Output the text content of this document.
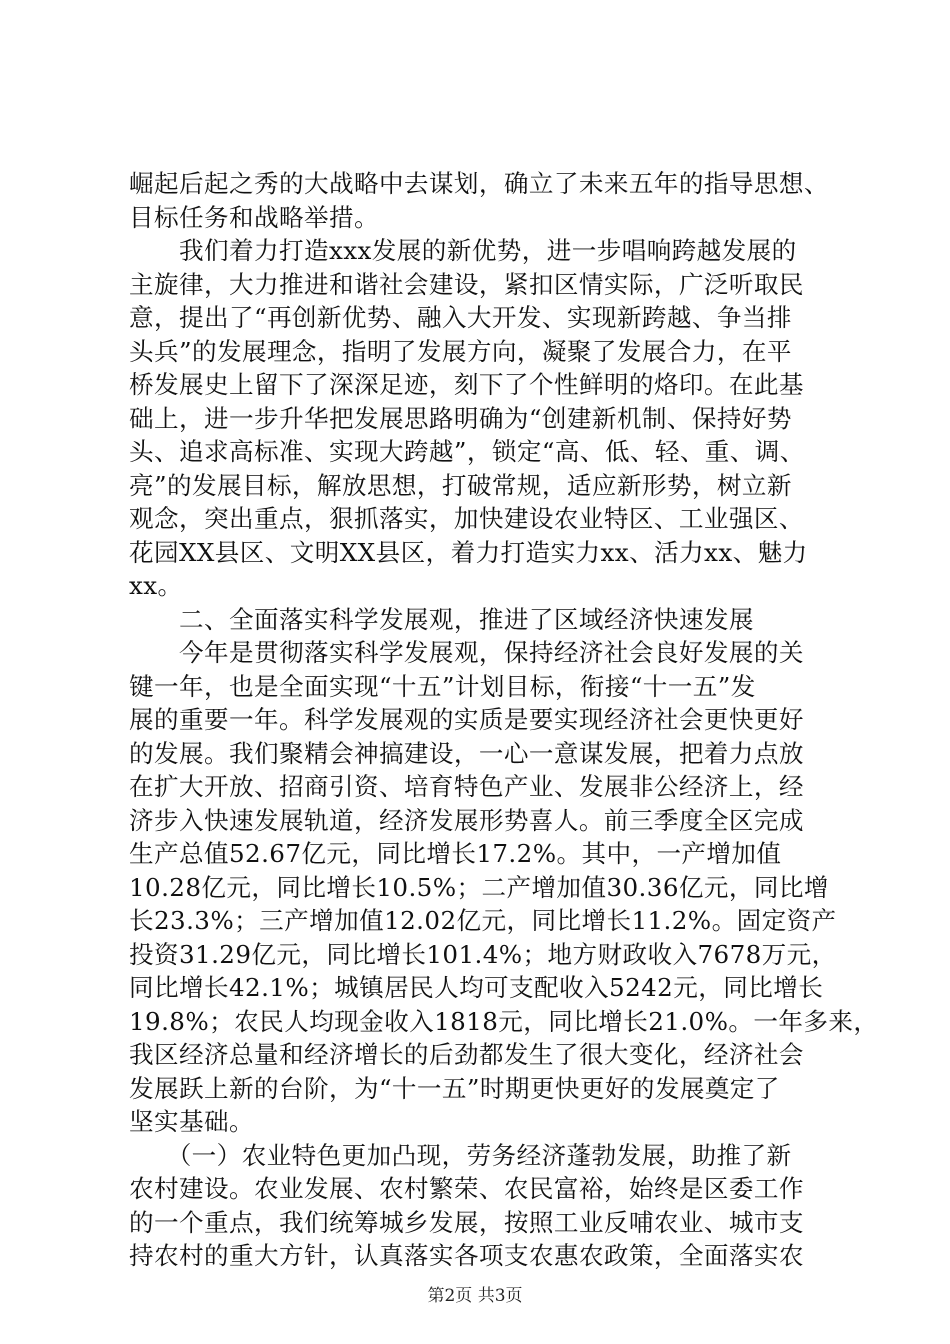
崛起后起之秀的大战略中去谋划，确立了未来五年的指导思想、
目标任务和战略举措。
　　我们着力打造xxx发展的新优势，进一步唱响跨越发展的
主旋律，大力推进和谐社会建设，紧扣区情实际，广泛听取民
意，提出了“再创新优势、融入大开发、实现新跨越、争当排
头兵”的发展理念，指明了发展方向，凝聚了发展合力，在平
桥发展史上留下了深深足迹，刻下了个性鲜明的烙印。在此基
础上，进一步升华把发展思路明确为“创建新机制、保持好势
头、追求高标准、实现大跨越”，锁定“高、低、轻、重、调、
亮”的发展目标，解放思想，打破常规，适应新形势，树立新
观念，突出重点，狠抓落实，加快建设农业特区、工业强区、
花园XX县区、文明XX县区，着力打造实力xx、活力xx、魅力
xx。
　　二、全面落实科学发展观，推进了区域经济快速发展
　　今年是贯彻落实科学发展观，保持经济社会良好发展的关
键一年，也是全面实现“十五”计划目标，衔接“十一五”发
展的重要一年。科学发展观的实质是要实现经济社会更快更好
的发展。我们聚精会神搞建设，一心一意谋发展，把着力点放
在扩大开放、招商引资、培育特色产业、发展非公经济上，经
济步入快速发展轨道，经济发展形势喜人。前三季度全区完成
生产总值52.67亿元，同比增长17.2%。其中，一产增加值
10.28亿元，同比增长10.5%；二产增加值30.36亿元，同比增
长23.3%；三产增加值12.02亿元，同比增长11.2%。固定资产
投资31.29亿元，同比增长101.4%；地方财政收入7678万元，
同比增长42.1%；城镇居民人均可支配收入5242元，同比增长
19.8%；农民人均现金收入1818元，同比增长21.0%。一年多来，
我区经济总量和经济增长的后劲都发生了很大变化，经济社会
发展跃上新的台阶，为“十一五”时期更快更好的发展奠定了
坚实基础。
　　（一）农业特色更加凸现，劳务经济蓬勃发展，助推了新
农村建设。农业发展、农村繁荣、农民富裕，始终是区委工作
的一个重点，我们统筹城乡发展，按照工业反哺农业、城市支
持农村的重大方针，认真落实各项支农惠农政策，全面落实农
第2页 共3页
